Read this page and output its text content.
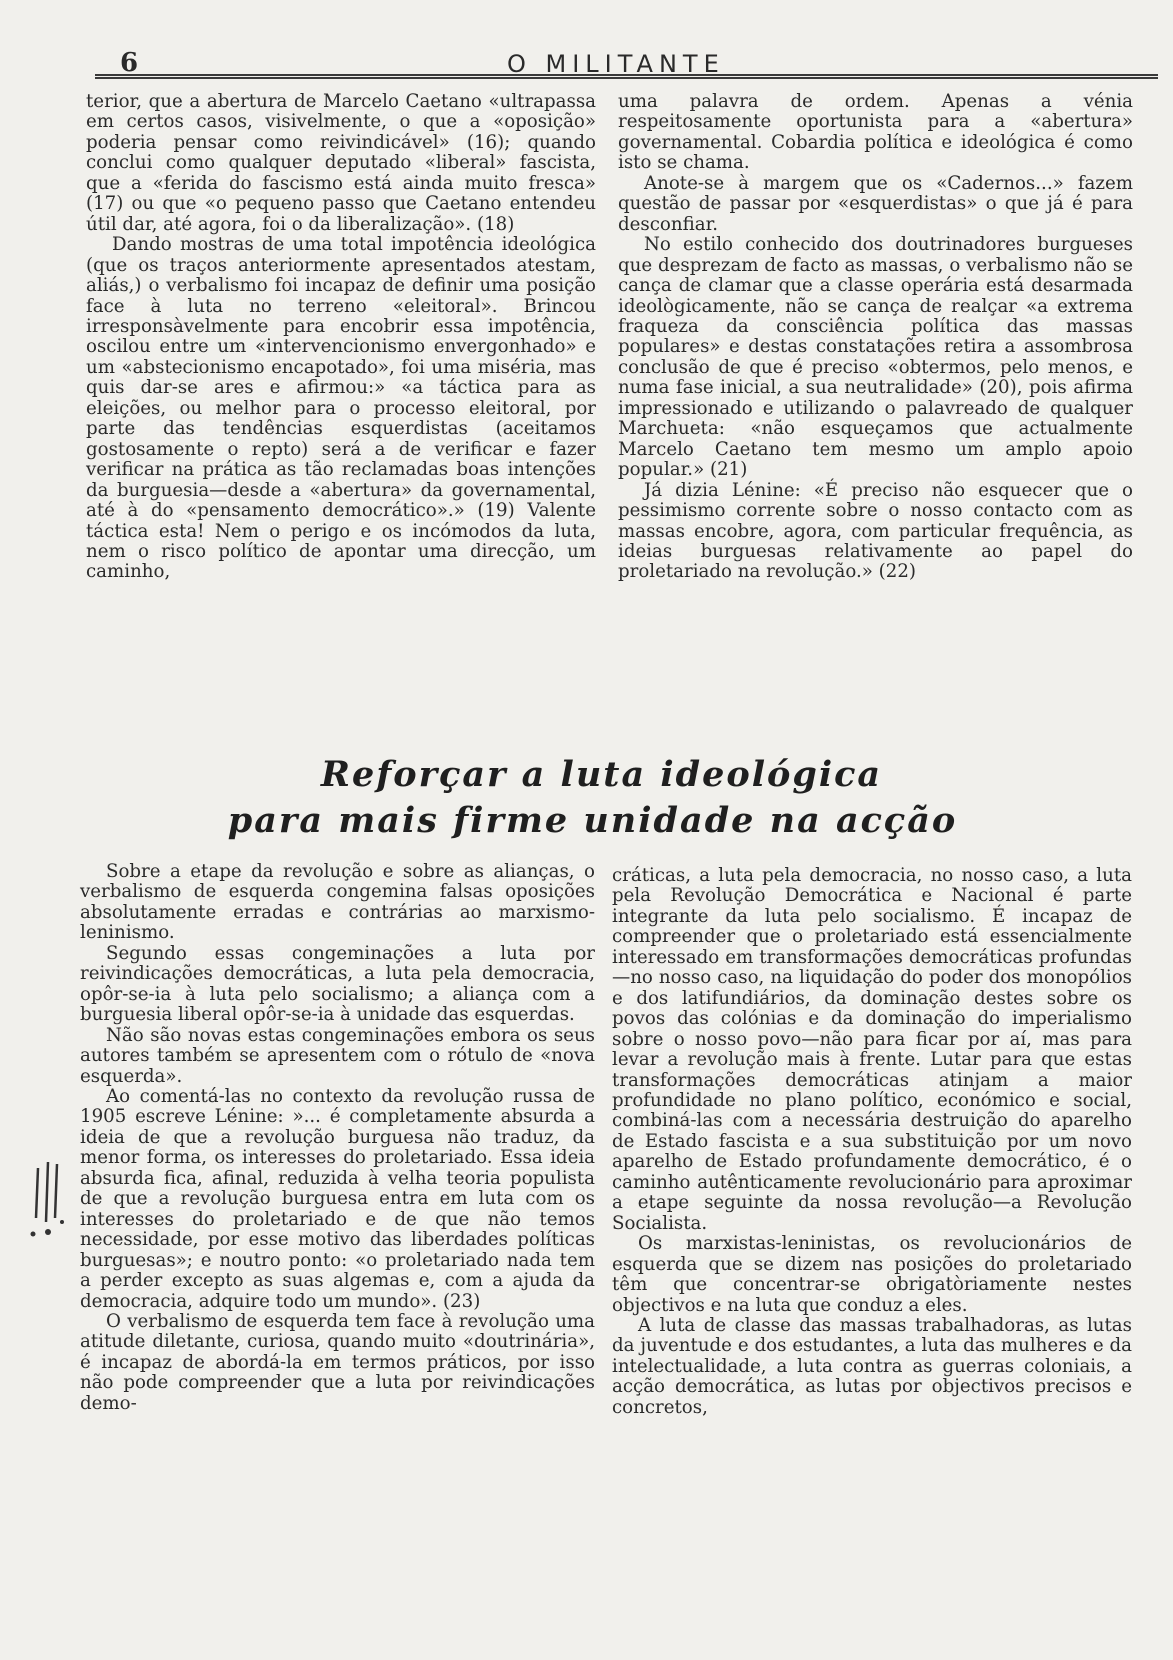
6	O MILITANTE

terior, que a abertura de Marcelo Caetano «ultrapassa em certos casos, visivelmente, o que a «oposição» poderia pensar como reivindicável» (16); quando conclui como qualquer deputado «liberal» fascista, que a «ferida do fascismo está ainda muito fresca» (17) ou que «o pequeno passo que Caetano entendeu útil dar, até agora, foi o da liberalização». (18)

Dando mostras de uma total impotência ideológica (que os traços anteriormente apresentados atestam, aliás,) o verbalismo foi incapaz de definir uma posição face à luta no terreno «eleitoral». Brincou irresponsàvelmente para encobrir essa impotência, oscilou entre um «intervencionismo envergonhado» e um «abstecionismo encapotado», foi uma miséria, mas quis dar-se ares e afirmou:» «a táctica para as eleições, ou melhor para o processo eleitoral, por parte das tendências esquerdistas (aceitamos gostosamente o repto) será a de verificar e fazer verificar na prática as tão reclamadas boas intenções da burguesia—desde a «abertura» da governamental, até à do «pensamento democrático».» (19) Valente táctica esta! Nem o perigo e os incómodos da luta, nem o risco político de apontar uma direcção, um caminho,

uma palavra de ordem. Apenas a vénia respeitosamente oportunista para a «abertura» governamental. Cobardia política e ideológica é como isto se chama.

Anote-se à margem que os «Cadernos...» fazem questão de passar por «esquerdistas» o que já é para desconfiar.

No estilo conhecido dos doutrinadores burgueses que desprezam de facto as massas, o verbalismo não se cança de clamar que a classe operária está desarmada ideològicamente, não se cança de realçar «a extrema fraqueza da consciência política das massas populares» e destas constatações retira a assombrosa conclusão de que é preciso «obtermos, pelo menos, e numa fase inicial, a sua neutralidade» (20), pois afirma impressionado e utilizando o palavreado de qualquer Marchueta: «não esqueçamos que actualmente Marcelo Caetano tem mesmo um amplo apoio popular.» (21)

Já dizia Lénine: «É preciso não esquecer que o pessimismo corrente sobre o nosso contacto com as massas encobre, agora, com particular frequência, as ideias burguesas relativamente ao papel do proletariado na revolução.» (22)

Reforçar a luta ideológica
para mais firme unidade na acção

Sobre a etape da revolução e sobre as alianças, o verbalismo de esquerda congemina falsas oposições absolutamente erradas e contrárias ao marxismo-leninismo.

Segundo essas congeminações a luta por reivindicações democráticas, a luta pela democracia, opôr-se-ia à luta pelo socialismo; a aliança com a burguesia liberal opôr-se-ia à unidade das esquerdas.

Não são novas estas congeminações embora os seus autores também se apresentem com o rótulo de «nova esquerda».

Ao comentá-las no contexto da revolução russa de 1905 escreve Lénine: »... é completamente absurda a ideia de que a revolução burguesa não traduz, da menor forma, os interesses do proletariado. Essa ideia absurda fica, afinal, reduzida à velha teoria populista de que a revolução burguesa entra em luta com os interesses do proletariado e de que não temos necessidade, por esse motivo das liberdades políticas burguesas»; e noutro ponto: «o proletariado nada tem a perder excepto as suas algemas e, com a ajuda da democracia, adquire todo um mundo». (23)

O verbalismo de esquerda tem face à revolução uma atitude diletante, curiosa, quando muito «doutrinária», é incapaz de abordá-la em termos práticos, por isso não pode compreender que a luta por reivindicações demo-

cráticas, a luta pela democracia, no nosso caso, a luta pela Revolução Democrática e Nacional é parte integrante da luta pelo socialismo. É incapaz de compreender que o proletariado está essencialmente interessado em transformações democráticas profundas—no nosso caso, na liquidação do poder dos monopólios e dos latifundiários, da dominação destes sobre os povos das colónias e da dominação do imperialismo sobre o nosso povo—não para ficar por aí, mas para levar a revolução mais à frente. Lutar para que estas transformações democráticas atinjam a maior profundidade no plano político, económico e social, combiná-las com a necessária destruição do aparelho de Estado fascista e a sua substituição por um novo aparelho de Estado profundamente democrático, é o caminho autênticamente revolucionário para aproximar a etape seguinte da nossa revolução—a Revolução Socialista.

Os marxistas-leninistas, os revolucionários de esquerda que se dizem nas posições do proletariado têm que concentrar-se obrigatòriamente nestes objectivos e na luta que conduz a eles.

A luta de classe das massas trabalhadoras, as lutas da juventude e dos estudantes, a luta das mulheres e da intelectualidade, a luta contra as guerras coloniais, a acção democrática, as lutas por objectivos precisos e concretos,
